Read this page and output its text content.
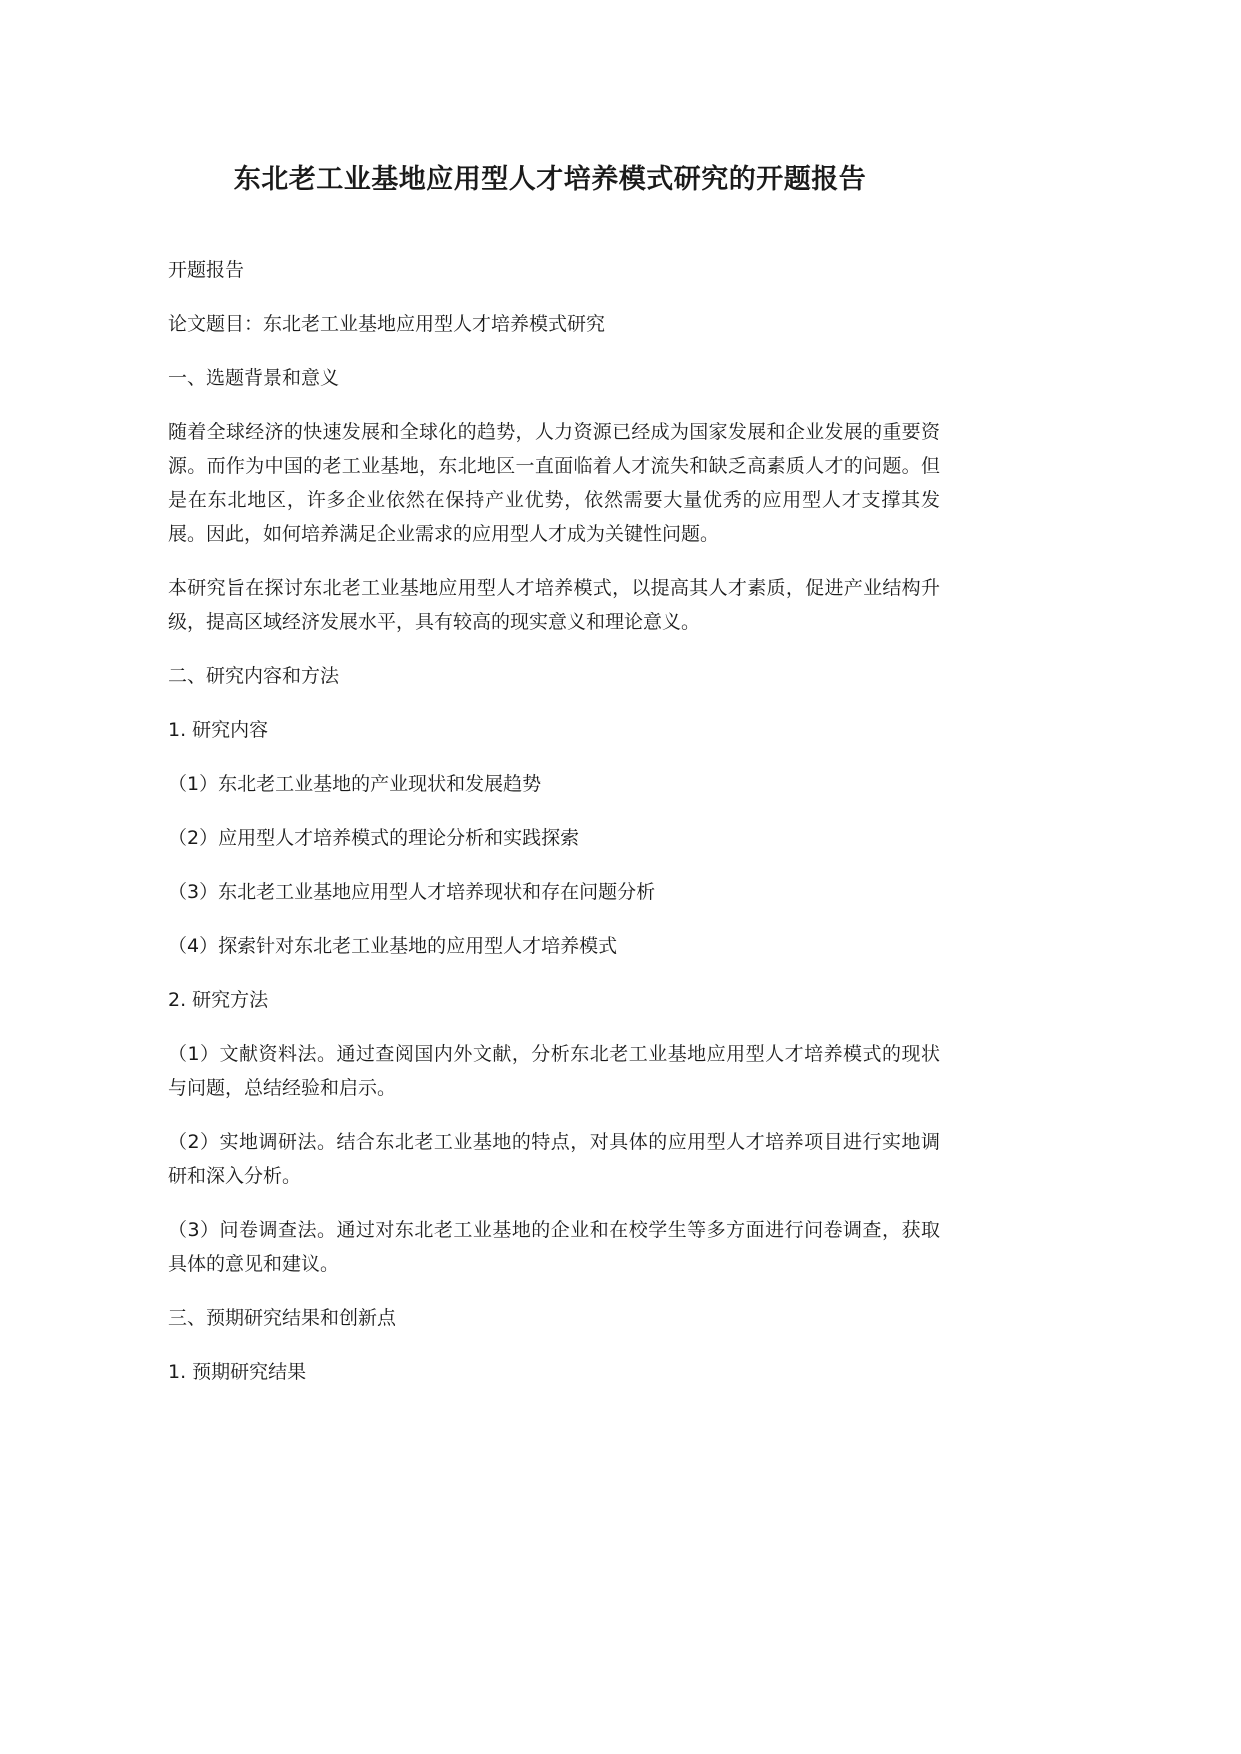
东北老工业基地应用型人才培养模式研究的开题报告

开题报告

论文题目：东北老工业基地应用型人才培养模式研究

一、选题背景和意义

随着全球经济的快速发展和全球化的趋势，人力资源已经成为国家发展和企业发展的重要资源。而作为中国的老工业基地，东北地区一直面临着人才流失和缺乏高素质人才的问题。但是在东北地区，许多企业依然在保持产业优势，依然需要大量优秀的应用型人才支撑其发展。因此，如何培养满足企业需求的应用型人才成为关键性问题。

本研究旨在探讨东北老工业基地应用型人才培养模式，以提高其人才素质，促进产业结构升级，提高区域经济发展水平，具有较高的现实意义和理论意义。

二、研究内容和方法

1. 研究内容

（1）东北老工业基地的产业现状和发展趋势

（2）应用型人才培养模式的理论分析和实践探索

（3）东北老工业基地应用型人才培养现状和存在问题分析

（4）探索针对东北老工业基地的应用型人才培养模式

2. 研究方法

（1）文献资料法。通过查阅国内外文献，分析东北老工业基地应用型人才培养模式的现状与问题，总结经验和启示。

（2）实地调研法。结合东北老工业基地的特点，对具体的应用型人才培养项目进行实地调研和深入分析。

（3）问卷调查法。通过对东北老工业基地的企业和在校学生等多方面进行问卷调查，获取具体的意见和建议。

三、预期研究结果和创新点

1. 预期研究结果
